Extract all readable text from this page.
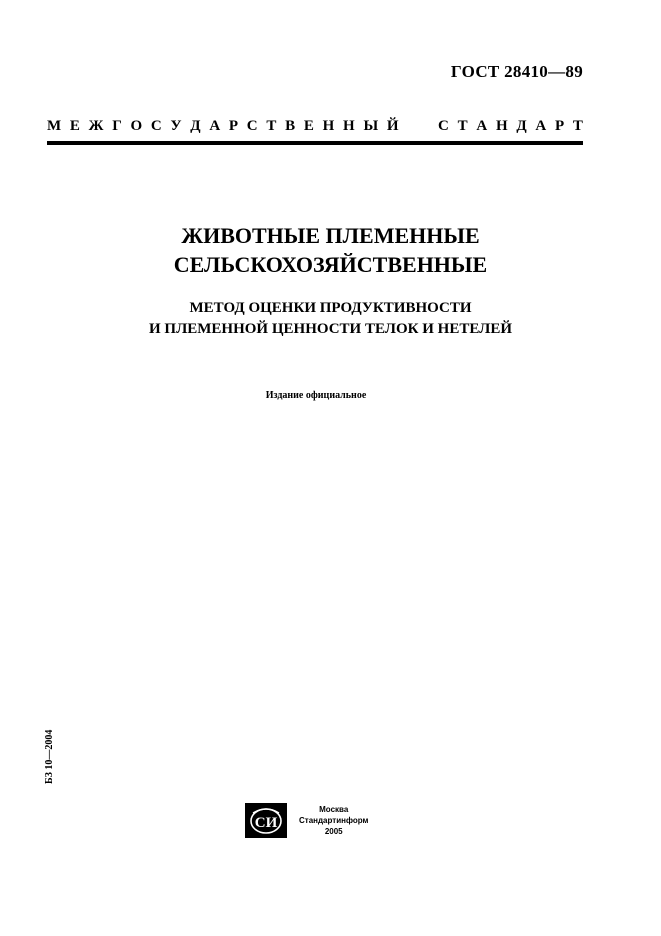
ГОСТ 28410—89
М Е Ж Г О С У Д А Р С Т В Е Н Н Ы Й	С Т А Н Д А Р Т
ЖИВОТНЫЕ ПЛЕМЕННЫЕ
СЕЛЬСКОХОЗЯЙСТВЕННЫЕ
МЕТОД ОЦЕНКИ ПРОДУКТИВНОСТИ
И ПЛЕМЕННОЙ ЦЕННОСТИ ТЕЛОК И НЕТЕЛЕЙ
Издание официальное
БЗ 10—2004
СИ
Москва
Стандартинформ
2005
